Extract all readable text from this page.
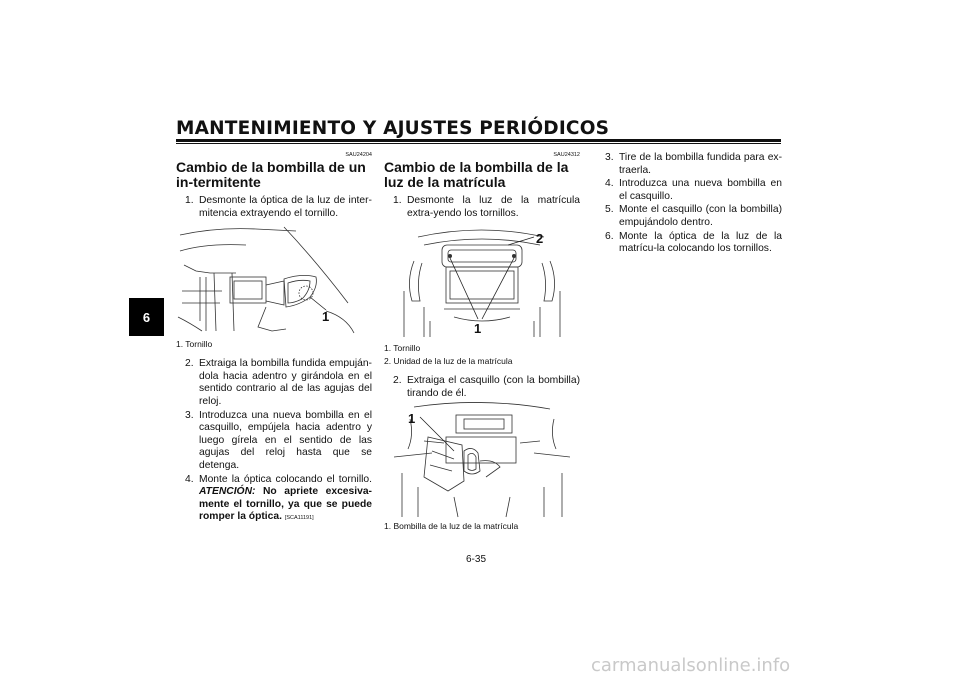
MANTENIMIENTO Y AJUSTES PERIÓDICOS
6
SAU24204
Cambio de la bombilla de un in-termitente
1. Desmonte la óptica de la luz de inter-mitencia extrayendo el tornillo.
1
1. Tornillo
2. Extraiga la bombilla fundida empuján-dola hacia adentro y girándola en el sentido contrario al de las agujas del reloj.
3. Introduzca una nueva bombilla en el casquillo, empújela hacia adentro y luego gírela en el sentido de las agujas del reloj hasta que se detenga.
4. Monte la óptica colocando el tornillo. ATENCIÓN: No apriete excesiva-mente el tornillo, ya que se puede romper la óptica. [SCA11191]
SAU24312
Cambio de la bombilla de la luz de la matrícula
1. Desmonte la luz de la matrícula extra-yendo los tornillos.
2
1
1. Tornillo
2. Unidad de la luz de la matrícula
2. Extraiga el casquillo (con la bombilla) tirando de él.
1
1. Bombilla de la luz de la matrícula
3. Tire de la bombilla fundida para ex-traerla.
4. Introduzca una nueva bombilla en el casquillo.
5. Monte el casquillo (con la bombilla) empujándolo dentro.
6. Monte la óptica de la luz de la matrícu-la colocando los tornillos.
6-35
carmanualsonline.info
